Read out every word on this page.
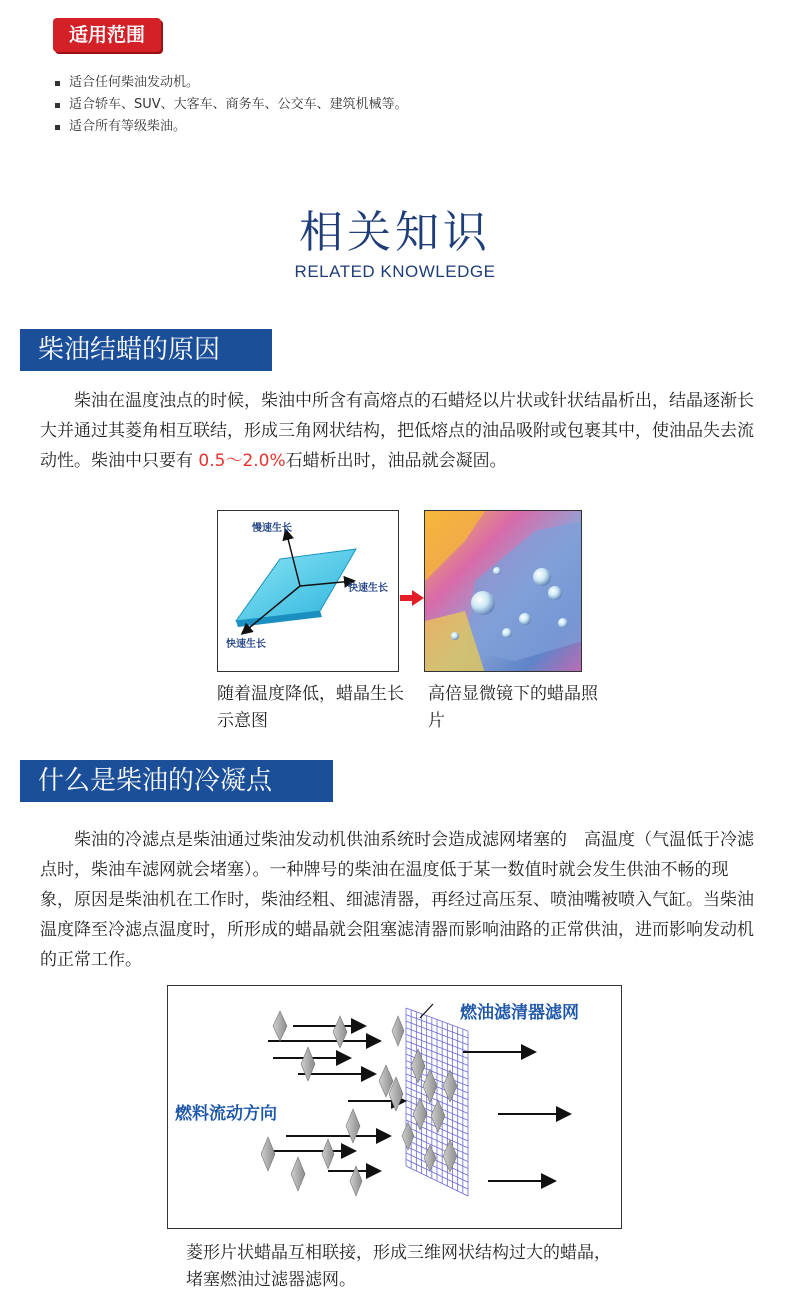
适用范围
适合任何柴油发动机。
适合轿车、SUV、大客车、商务车、公交车、建筑机械等。
适合所有等级柴油。
相关知识
RELATED KNOWLEDGE
柴油结蜡的原因

柴油在温度浊点的时候，柴油中所含有高熔点的石蜡烃以片状或针状结晶析出，结晶逐渐长大并通过其菱角相互联结，形成三角网状结构，把低熔点的油品吸附或包裹其中，使油品失去流动性。柴油中只要有 0.5～2.0%石蜡析出时，油品就会凝固。

慢速生长
快速生长
快速生长
随着温度降低，蜡晶生长示意图
高倍显微镜下的蜡晶照片
什么是柴油的冷凝点

柴油的冷滤点是柴油通过柴油发动机供油系统时会造成滤网堵塞的　高温度（气温低于冷滤点时，柴油车滤网就会堵塞）。一种牌号的柴油在温度低于某一数值时就会发生供油不畅的现象，原因是柴油机在工作时，柴油经粗、细滤清器，再经过高压泵、喷油嘴被喷入气缸。当柴油温度降至冷滤点温度时，所形成的蜡晶就会阻塞滤清器而影响油路的正常供油，进而影响发动机的正常工作。

燃油滤清器滤网
燃料流动方向
菱形片状蜡晶互相联接，形成三维网状结构过大的蜡晶，堵塞燃油过滤器滤网。
